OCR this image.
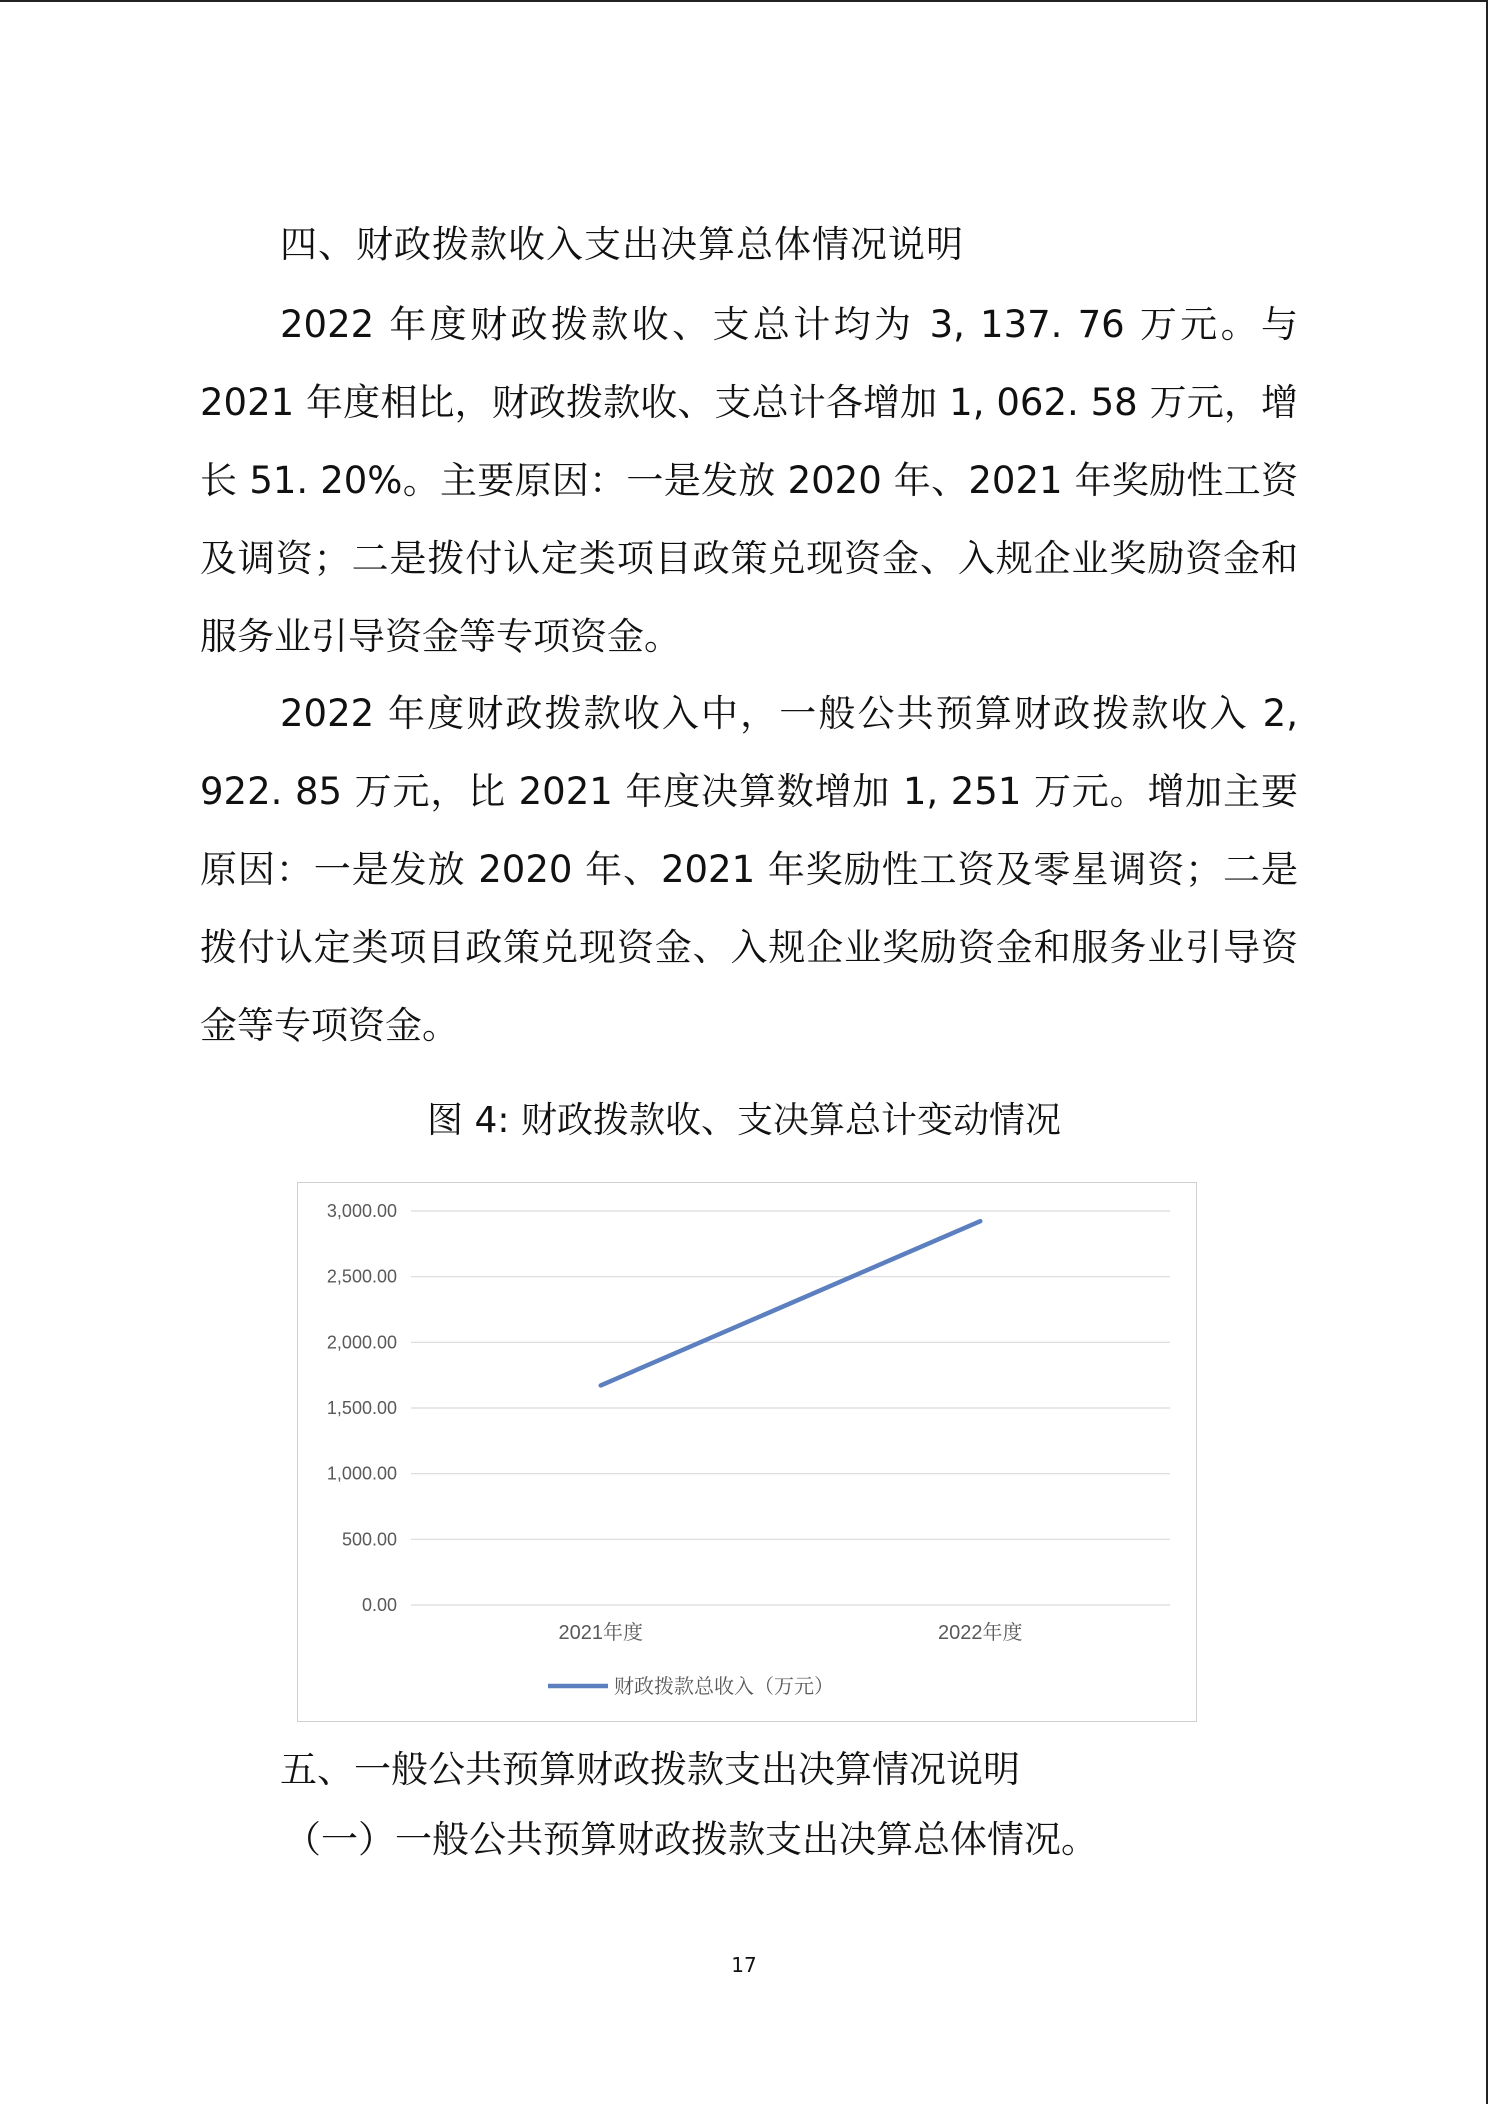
四、财政拨款收入支出决算总体情况说明

2022 年度财政拨款收、支总计均为 3, 137. 76 万元。与 2021 年度相比，财政拨款收、支总计各增加 1, 062. 58 万元，增长 51. 20%。主要原因：一是发放 2020 年、2021 年奖励性工资及调资；二是拨付认定类项目政策兑现资金、入规企业奖励资金和服务业引导资金等专项资金。

2022 年度财政拨款收入中，一般公共预算财政拨款收入 2, 922. 85 万元，比 2021 年度决算数增加 1, 251 万元。增加主要原因：一是发放 2020 年、2021 年奖励性工资及零星调资；二是拨付认定类项目政策兑现资金、入规企业奖励资金和服务业引导资金等专项资金。

图 4: 财政拨款收、支决算总计变动情况
0.00
500.00
1,000.00
1,500.00
2,000.00
2,500.00
3,000.00
2021年度	2022年度
财政拨款总收入（万元）
五、一般公共预算财政拨款支出决算情况说明
（一）一般公共预算财政拨款支出决算总体情况。
17
